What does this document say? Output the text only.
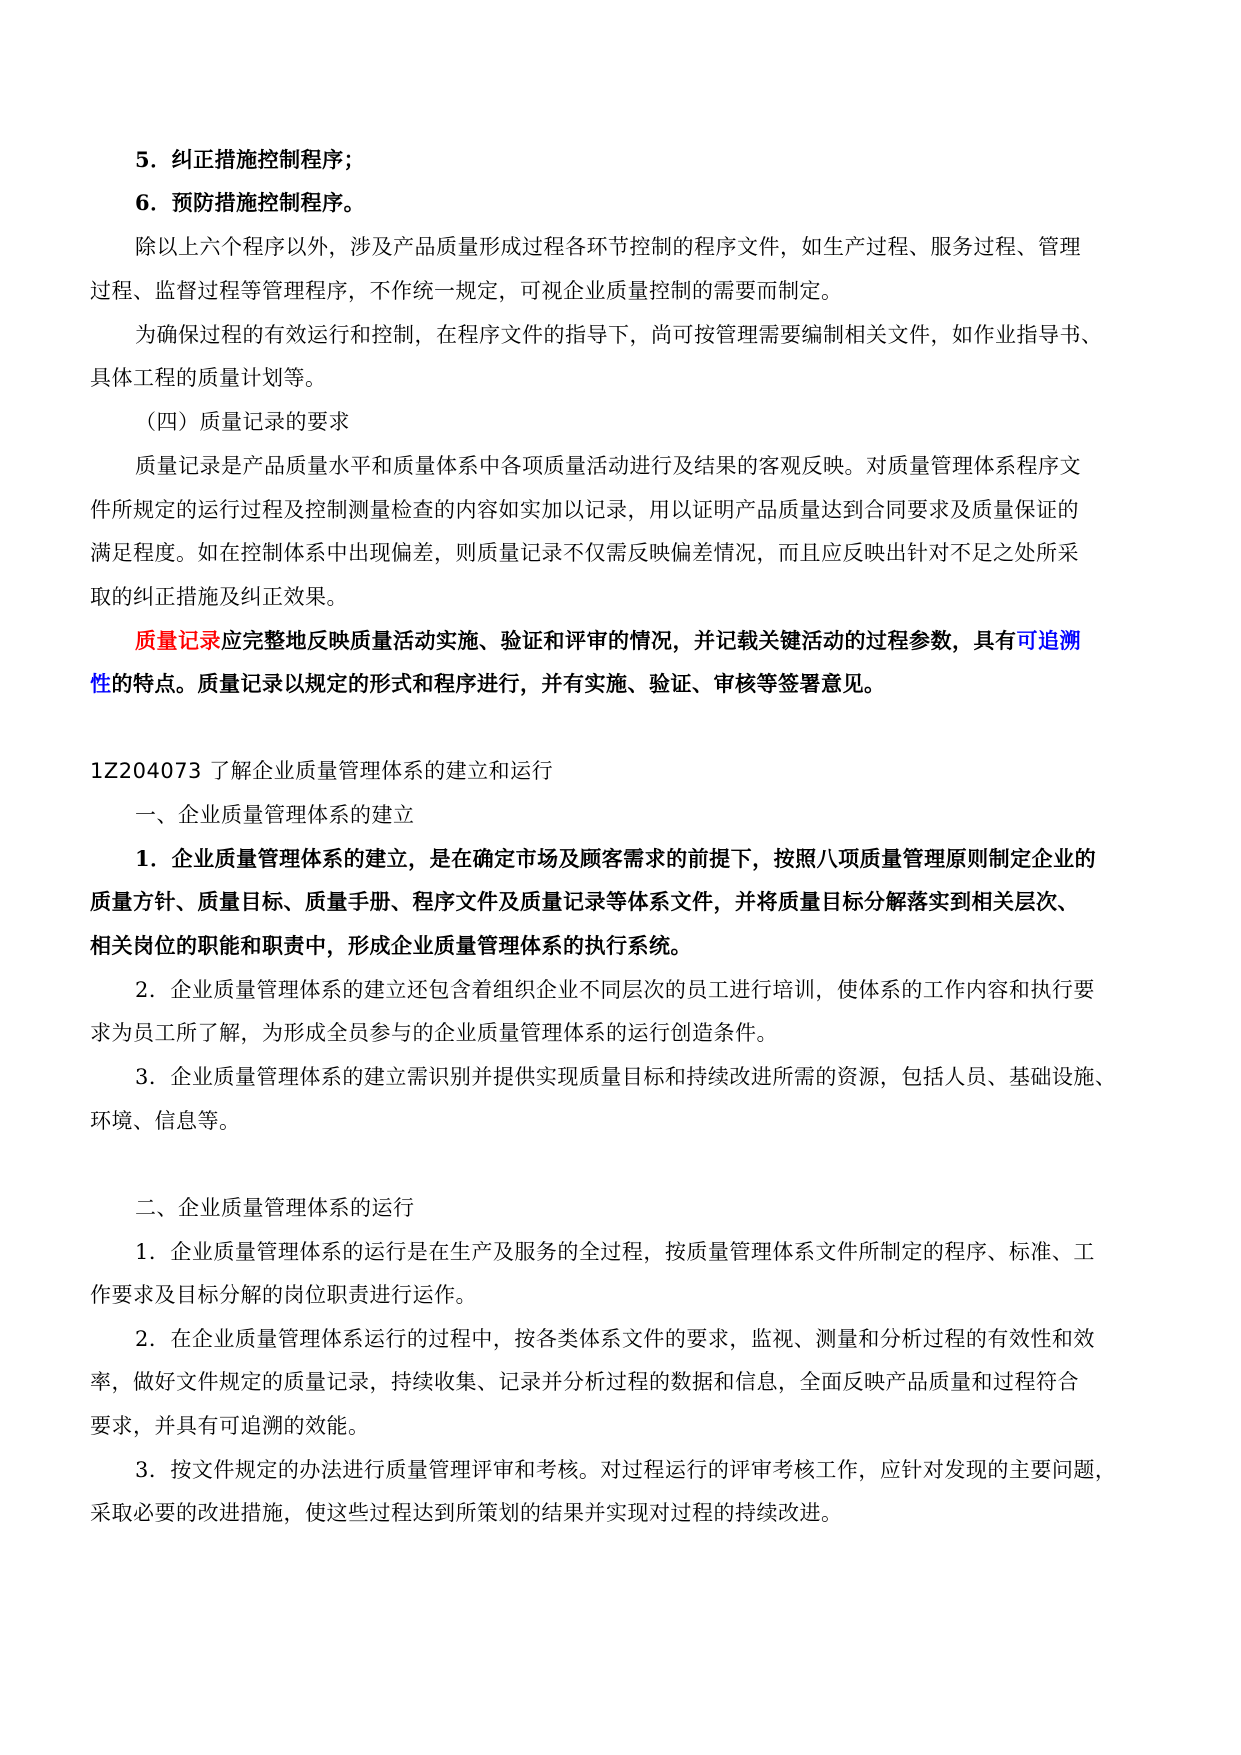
5．纠正措施控制程序；
6．预防措施控制程序。
除以上六个程序以外，涉及产品质量形成过程各环节控制的程序文件，如生产过程、服务过程、管理
过程、监督过程等管理程序，不作统一规定，可视企业质量控制的需要而制定。
为确保过程的有效运行和控制，在程序文件的指导下，尚可按管理需要编制相关文件，如作业指导书、
具体工程的质量计划等。
（四）质量记录的要求
质量记录是产品质量水平和质量体系中各项质量活动进行及结果的客观反映。对质量管理体系程序文
件所规定的运行过程及控制测量检查的内容如实加以记录，用以证明产品质量达到合同要求及质量保证的
满足程度。如在控制体系中出现偏差，则质量记录不仅需反映偏差情况，而且应反映出针对不足之处所采
取的纠正措施及纠正效果。
质量记录应完整地反映质量活动实施、验证和评审的情况，并记载关键活动的过程参数，具有可追溯
性的特点。质量记录以规定的形式和程序进行，并有实施、验证、审核等签署意见。
1Z204073 了解企业质量管理体系的建立和运行
一、企业质量管理体系的建立
1．企业质量管理体系的建立，是在确定市场及顾客需求的前提下，按照八项质量管理原则制定企业的
质量方针、质量目标、质量手册、程序文件及质量记录等体系文件，并将质量目标分解落实到相关层次、
相关岗位的职能和职责中，形成企业质量管理体系的执行系统。
2．企业质量管理体系的建立还包含着组织企业不同层次的员工进行培训，使体系的工作内容和执行要
求为员工所了解，为形成全员参与的企业质量管理体系的运行创造条件。
3．企业质量管理体系的建立需识别并提供实现质量目标和持续改进所需的资源，包括人员、基础设施、
环境、信息等。
二、企业质量管理体系的运行
1．企业质量管理体系的运行是在生产及服务的全过程，按质量管理体系文件所制定的程序、标准、工
作要求及目标分解的岗位职责进行运作。
2．在企业质量管理体系运行的过程中，按各类体系文件的要求，监视、测量和分析过程的有效性和效
率，做好文件规定的质量记录，持续收集、记录并分析过程的数据和信息，全面反映产品质量和过程符合
要求，并具有可追溯的效能。
3．按文件规定的办法进行质量管理评审和考核。对过程运行的评审考核工作，应针对发现的主要问题，
采取必要的改进措施，使这些过程达到所策划的结果并实现对过程的持续改进。
